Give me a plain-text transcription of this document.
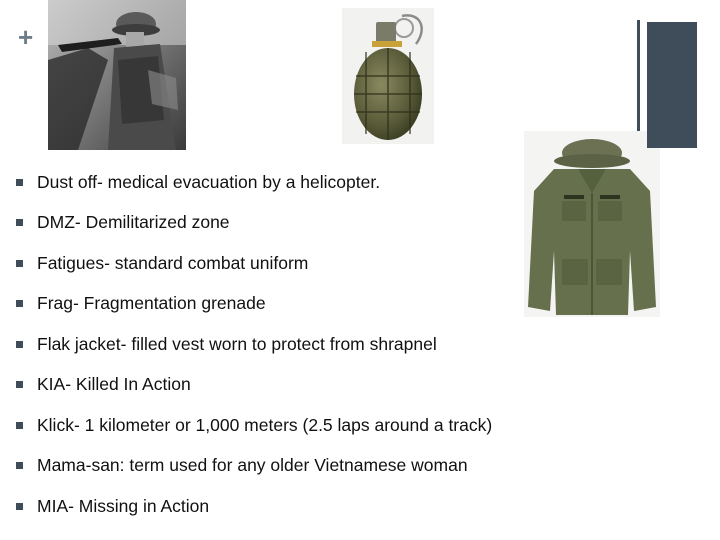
+
Dust off- medical evacuation by a helicopter.
DMZ- Demilitarized zone
Fatigues- standard combat uniform
Frag- Fragmentation grenade
Flak jacket- filled vest worn to protect from shrapnel
KIA- Killed In Action
Klick- 1 kilometer or 1,000 meters (2.5 laps around a track)
Mama-san: term used for any older Vietnamese woman
MIA- Missing in Action
